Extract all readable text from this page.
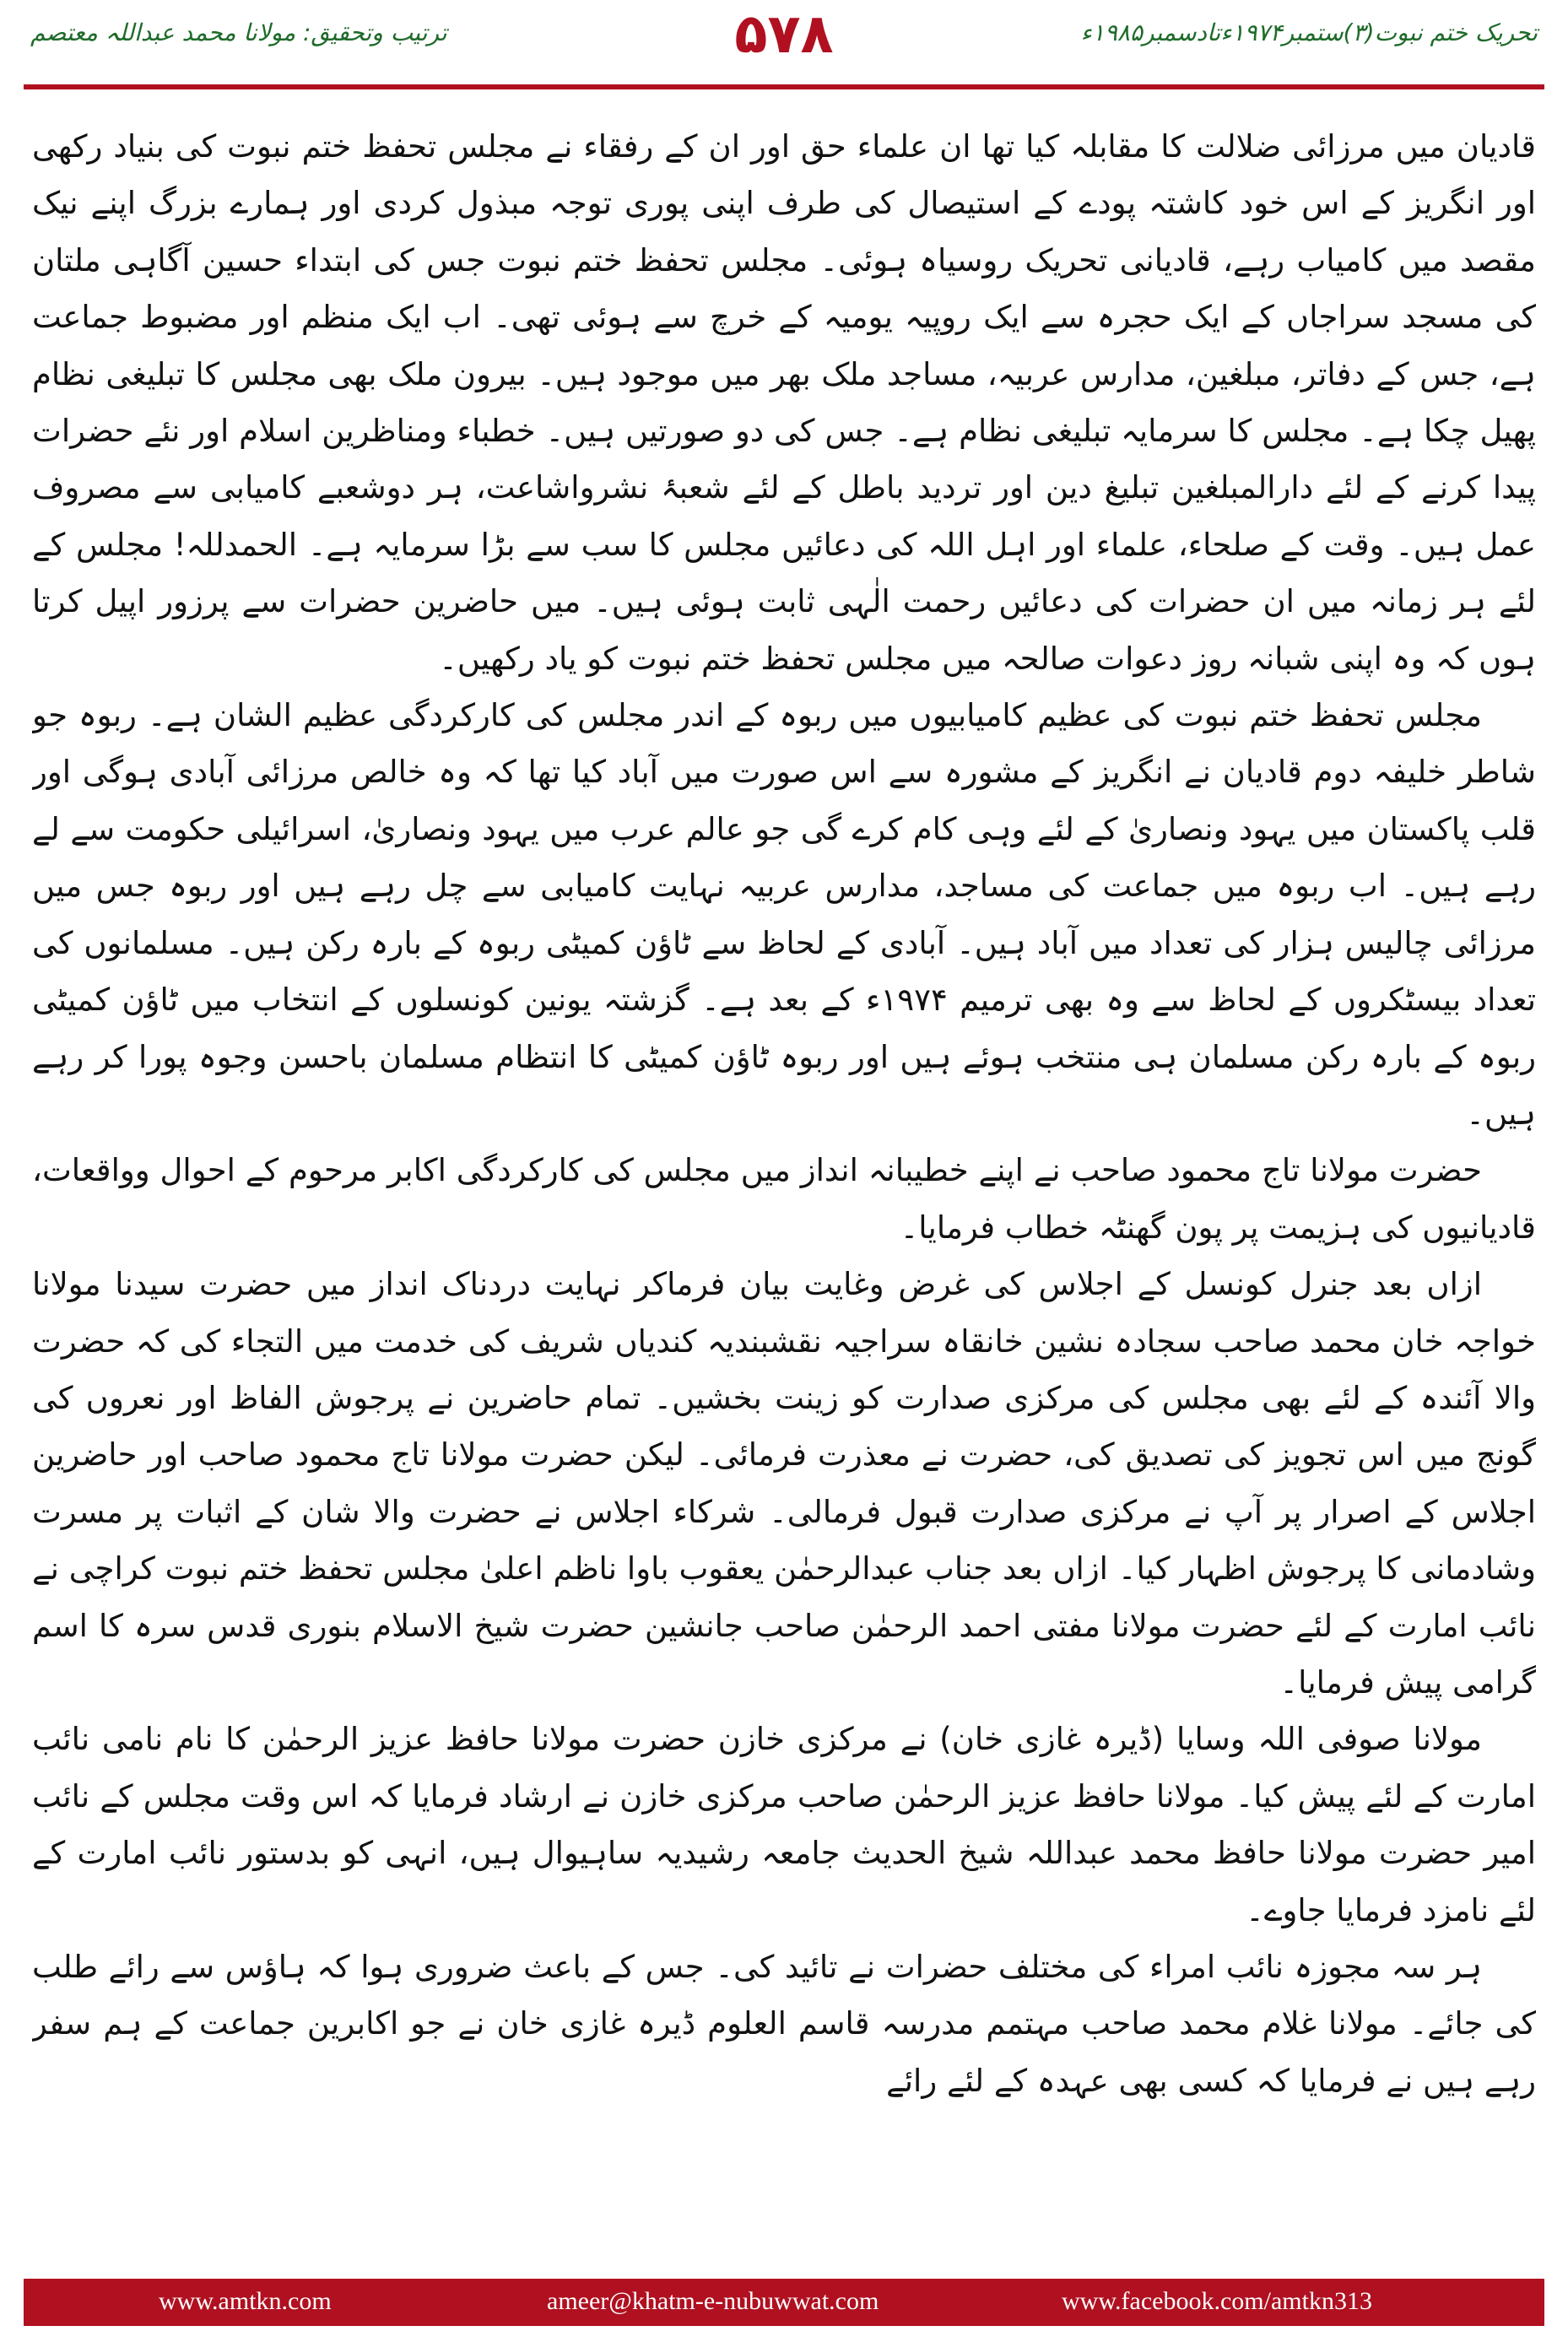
ترتیب وتحقیق: مولانا محمد عبداللہ معتصم	۵۷۸	تحریک ختم نبوت(۳)ستمبر۱۹۷۴ءتادسمبر۱۹۸۵ء

قادیان میں مرزائی ضلالت کا مقابلہ کیا تھا ان علماء حق اور ان کے رفقاء نے مجلس تحفظ ختم نبوت کی بنیاد رکھی اور انگریز کے اس خود کاشتہ پودے کے استیصال کی طرف اپنی پوری توجہ مبذول کردی اور ہمارے بزرگ اپنے نیک مقصد میں کامیاب رہے، قادیانی تحریک روسیاہ ہوئی۔ مجلس تحفظ ختم نبوت جس کی ابتداء حسین آگاہی ملتان کی مسجد سراجاں کے ایک حجرہ سے ایک روپیہ یومیہ کے خرچ سے ہوئی تھی۔ اب ایک منظم اور مضبوط جماعت ہے، جس کے دفاتر، مبلغین، مدارس عربیہ، مساجد ملک بھر میں موجود ہیں۔ بیرون ملک بھی مجلس کا تبلیغی نظام پھیل چکا ہے۔ مجلس کا سرمایہ تبلیغی نظام ہے۔ جس کی دو صورتیں ہیں۔ خطباء ومناظرین اسلام اور نئے حضرات پیدا کرنے کے لئے دارالمبلغین تبلیغ دین اور تردید باطل کے لئے شعبۂ نشرواشاعت، ہر دوشعبے کامیابی سے مصروف عمل ہیں۔ وقت کے صلحاء، علماء اور اہل اللہ کی دعائیں مجلس کا سب سے بڑا سرمایہ ہے۔ الحمدللہ! مجلس کے لئے ہر زمانہ میں ان حضرات کی دعائیں رحمت الٰہی ثابت ہوئی ہیں۔ میں حاضرین حضرات سے پرزور اپیل کرتا ہوں کہ وہ اپنی شبانہ روز دعوات صالحہ میں مجلس تحفظ ختم نبوت کو یاد رکھیں۔

مجلس تحفظ ختم نبوت کی عظیم کامیابیوں میں ربوہ کے اندر مجلس کی کارکردگی عظیم الشان ہے۔ ربوہ جو شاطر خلیفہ دوم قادیان نے انگریز کے مشورہ سے اس صورت میں آباد کیا تھا کہ وہ خالص مرزائی آبادی ہوگی اور قلب پاکستان میں یہود ونصاریٰ کے لئے وہی کام کرے گی جو عالم عرب میں یہود ونصاریٰ، اسرائیلی حکومت سے لے رہے ہیں۔ اب ربوہ میں جماعت کی مساجد، مدارس عربیہ نہایت کامیابی سے چل رہے ہیں اور ربوہ جس میں مرزائی چالیس ہزار کی تعداد میں آباد ہیں۔ آبادی کے لحاظ سے ٹاؤن کمیٹی ربوہ کے بارہ رکن ہیں۔ مسلمانوں کی تعداد بیسٹکروں کے لحاظ سے وہ بھی ترمیم ۱۹۷۴ء کے بعد ہے۔ گزشتہ یونین کونسلوں کے انتخاب میں ٹاؤن کمیٹی ربوہ کے بارہ رکن مسلمان ہی منتخب ہوئے ہیں اور ربوہ ٹاؤن کمیٹی کا انتظام مسلمان باحسن وجوہ پورا کر رہے ہیں۔

حضرت مولانا تاج محمود صاحب نے اپنے خطیبانہ انداز میں مجلس کی کارکردگی اکابر مرحوم کے احوال وواقعات، قادیانیوں کی ہزیمت پر پون گھنٹہ خطاب فرمایا۔

ازاں بعد جنرل کونسل کے اجلاس کی غرض وغایت بیان فرماکر نہایت دردناک انداز میں حضرت سیدنا مولانا خواجہ خان محمد صاحب سجادہ نشین خانقاہ سراجیہ نقشبندیہ کندیاں شریف کی خدمت میں التجاء کی کہ حضرت والا آئندہ کے لئے بھی مجلس کی مرکزی صدارت کو زینت بخشیں۔ تمام حاضرین نے پرجوش الفاظ اور نعروں کی گونج میں اس تجویز کی تصدیق کی، حضرت نے معذرت فرمائی۔ لیکن حضرت مولانا تاج محمود صاحب اور حاضرین اجلاس کے اصرار پر آپ نے مرکزی صدارت قبول فرمالی۔ شرکاء اجلاس نے حضرت والا شان کے اثبات پر مسرت وشادمانی کا پرجوش اظہار کیا۔ ازاں بعد جناب عبدالرحمٰن یعقوب باوا ناظم اعلیٰ مجلس تحفظ ختم نبوت کراچی نے نائب امارت کے لئے حضرت مولانا مفتی احمد الرحمٰن صاحب جانشین حضرت شیخ الاسلام بنوری قدس سرہ کا اسم گرامی پیش فرمایا۔

مولانا صوفی اللہ وسایا (ڈیرہ غازی خان) نے مرکزی خازن حضرت مولانا حافظ عزیز الرحمٰن کا نام نامی نائب امارت کے لئے پیش کیا۔ مولانا حافظ عزیز الرحمٰن صاحب مرکزی خازن نے ارشاد فرمایا کہ اس وقت مجلس کے نائب امیر حضرت مولانا حافظ محمد عبداللہ شیخ الحدیث جامعہ رشیدیہ ساہیوال ہیں، انہی کو بدستور نائب امارت کے لئے نامزد فرمایا جاوے۔

ہر سہ مجوزہ نائب امراء کی مختلف حضرات نے تائید کی۔ جس کے باعث ضروری ہوا کہ ہاؤس سے رائے طلب کی جائے۔ مولانا غلام محمد صاحب مہتمم مدرسہ قاسم العلوم ڈیرہ غازی خان نے جو اکابرین جماعت کے ہم سفر رہے ہیں نے فرمایا کہ کسی بھی عہدہ کے لئے رائے

www.amtkn.com	ameer@khatm-e-nubuwwat.com	www.facebook.com/amtkn313
